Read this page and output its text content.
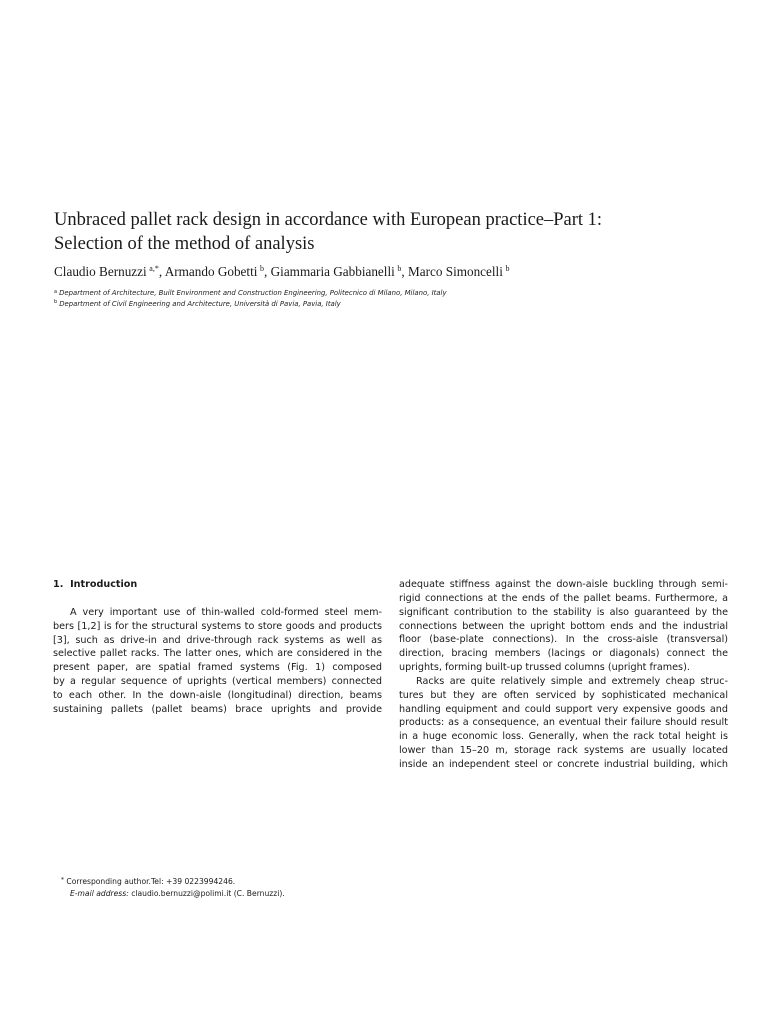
Unbraced pallet rack design in accordance with European practice–Part 1:
Selection of the method of analysis
Claudio Bernuzzi  $^{a,*}$, Armando Gobetti  $^b$, Giammaria Gabbianelli  $^b$, Marco Simoncelli  $^b$
$^a$ Department of Architecture, Built Environment and Construction Engineering, Politecnico di Milano, Milano, Italy
$^b$ Department of Civil Engineering and Architecture, Università di Pavia, Pavia, Italy
1. Introduction
A very important use of thin-walled cold-formed steel mem-
bers [1,2] is for the structural systems to store goods and products
[3], such as drive-in and drive-through rack systems as well as
selective pallet racks. The latter ones, which are considered in the
present paper, are spatial framed systems (Fig. 1) composed
by a regular sequence of uprights (vertical members) connected
to each other. In the down-aisle (longitudinal) direction, beams
sustaining pallets (pallet beams) brace uprights and provide
adequate stiffness against the down-aisle buckling through semi-
rigid connections at the ends of the pallet beams. Furthermore, a
significant contribution to the stability is also guaranteed by the
connections between the upright bottom ends and the industrial
floor (base-plate connections). In the cross-aisle (transversal)
direction, bracing members (lacings or diagonals) connect the
uprights, forming built-up trussed columns (upright frames).
Racks are quite relatively simple and extremely cheap struc-
tures but they are often serviced by sophisticated mechanical
handling equipment and could support very expensive goods and
products: as a consequence, an eventual their failure should result
in a huge economic loss. Generally, when the rack total height is
lower than 15–20 m, storage rack systems are usually located
inside an independent steel or concrete industrial building, which
* Corresponding author.Tel: +39 0223994246.
E-mail address: claudio.bernuzzi@polimi.it (C. Bernuzzi).
